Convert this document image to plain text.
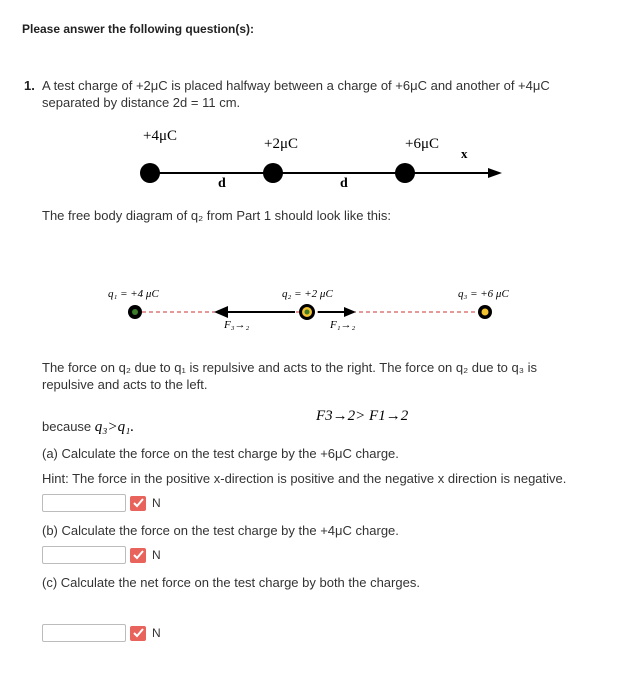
Please answer the following question(s):
1. A test charge of +2μC is placed halfway between a charge of +6μC and another of +4μC
separated by distance 2d = 11 cm.
+4μC	+2μC	+6μC
x
d	d
The free body diagram of q₂ from Part 1 should look like this:
q₁ = +4 μC	q₂ = +2 μC	q₃ = +6 μC
F₃→₂	F₁→₂
The force on q₂ due to q₁ is repulsive and acts to the right. The force on q₂ due to q₃ is
repulsive and acts to the left.
F3→2> F1→2
because q₃>q₁.
(a) Calculate the force on the test charge by the +6μC charge.
Hint: The force in the positive x-direction is positive and the negative x direction is negative.
N
(b) Calculate the force on the test charge by the +4μC charge.
N
(c) Calculate the net force on the test charge by both the charges.
N
